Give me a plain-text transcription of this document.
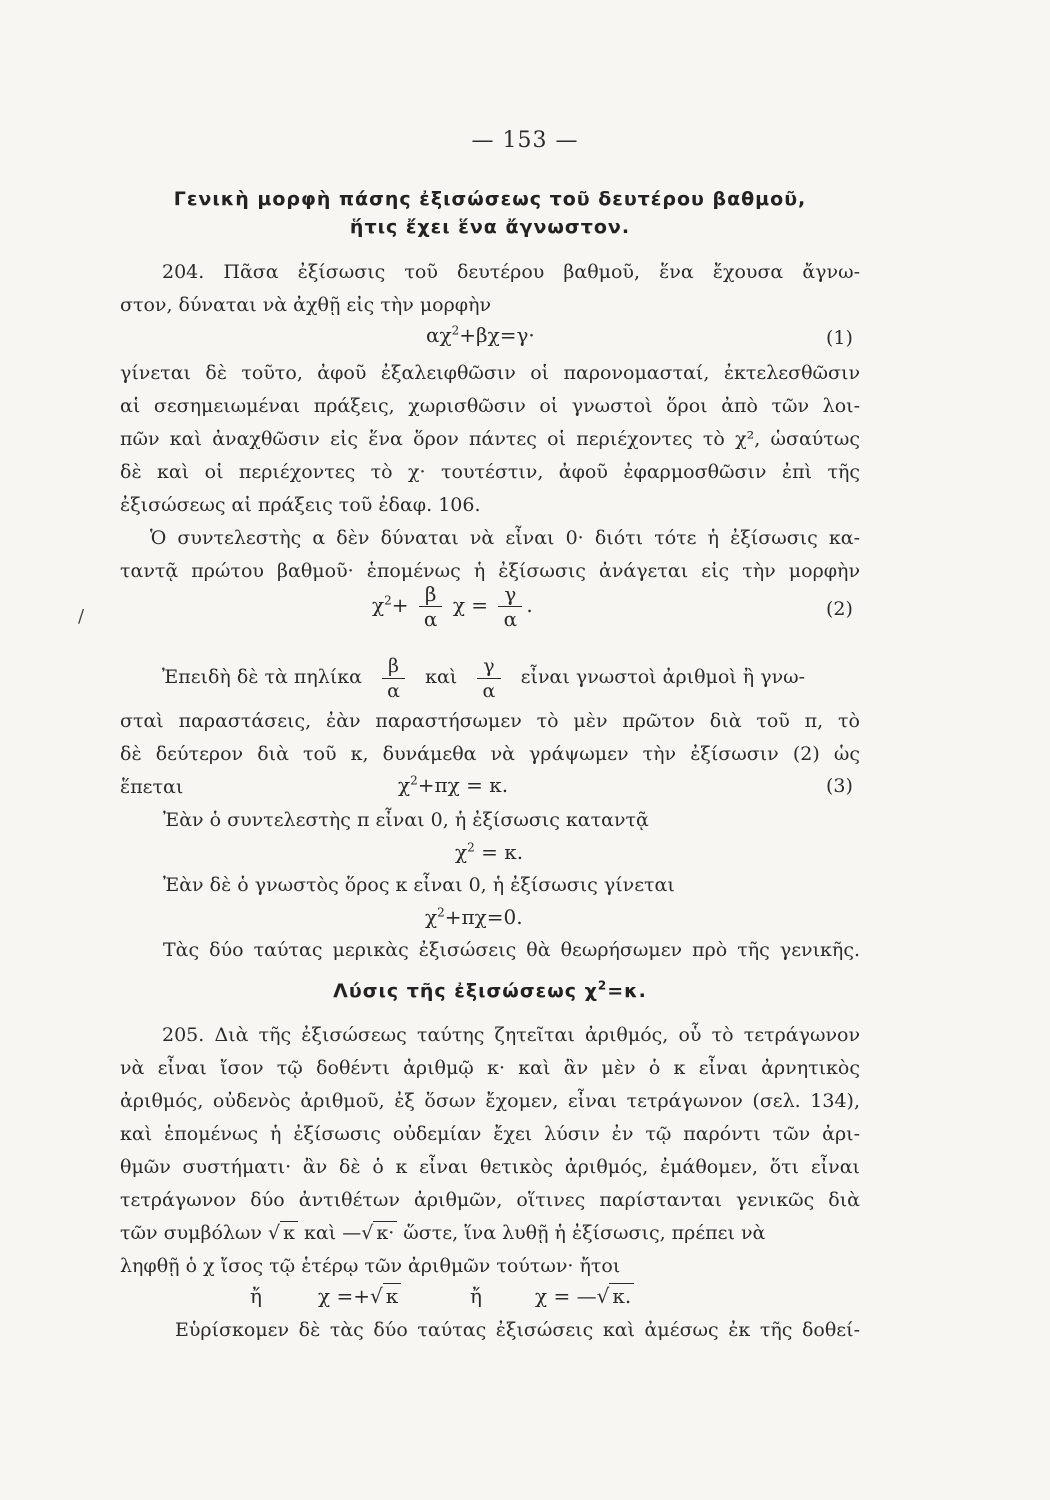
— 153 —
Γενικὴ μορφὴ πάσης ἐξισώσεως τοῦ δευτέρου βαθμοῦ,
ἥτις ἔχει ἕνα ἄγνωστον.
204. Πᾶσα ἐξίσωσις τοῦ δευτέρου βαθμοῦ, ἕνα ἔχουσα ἄγνω-
στον, δύναται νὰ ἀχθῇ εἰς τὴν μορφὴν
$\alpha\chi^2+\beta\chi=\gamma\cdot$	(1)
γίνεται δὲ τοῦτο, ἀφοῦ ἐξαλειφθῶσιν οἱ παρονομασταί, ἐκτελεσθῶσιν
αἱ σεσημειωμέναι πράξεις, χωρισθῶσιν οἱ γνωστοὶ ὅροι ἀπὸ τῶν λοι-
πῶν καὶ ἀναχθῶσιν εἰς ἕνα ὅρον πάντες οἱ περιέχοντες τὸ χ², ὡσαύτως
δὲ καὶ οἱ περιέχοντες τὸ χ· τουτέστιν, ἀφοῦ ἐφαρμοσθῶσιν ἐπὶ τῆς
ἐξισώσεως αἱ πράξεις τοῦ ἐδαφ. 106.
Ὁ συντελεστὴς α δὲν δύναται νὰ εἶναι 0· διότι τότε ἡ ἐξίσωσις κα-
ταντᾷ πρώτου βαθμοῦ· ἑπομένως ἡ ἐξίσωσις ἀνάγεται εἰς τὴν μορφὴν
/	$\chi^2+ \frac{\beta}{\alpha}$ $\chi = \frac{\gamma}{\alpha}$ .	(2)
Ἐπειδὴ δὲ τὰ πηλίκα $\frac{\beta}{\alpha}$ καὶ $\frac{\gamma}{\alpha}$ εἶναι γνωστοὶ ἀριθμοὶ ἢ γνω-
σταὶ παραστάσεις, ἐὰν παραστήσωμεν τὸ μὲν πρῶτον διὰ τοῦ π, τὸ
δὲ δεύτερον διὰ τοῦ κ, δυνάμεθα νὰ γράψωμεν τὴν ἐξίσωσιν (2) ὡς
ἕπεται	$\chi^2+\pi\chi = \kappa$.	(3)
Ἐὰν ὁ συντελεστὴς π εἶναι 0, ἡ ἐξίσωσις καταντᾷ
$\chi^2 = \kappa$.
Ἐὰν δὲ ὁ γνωστὸς ὅρος κ εἶναι 0, ἡ ἐξίσωσις γίνεται
$\chi^2+\pi\chi=0$.
Τὰς δύο ταύτας μερικὰς ἐξισώσεις θὰ θεωρήσωμεν πρὸ τῆς γενικῆς.
Λύσις τῆς ἐξισώσεως $\chi^2=\kappa$.
205. Διὰ τῆς ἐξισώσεως ταύτης ζητεῖται ἀριθμός, οὗ τὸ τετράγωνον
νὰ εἶναι ἴσον τῷ δοθέντι ἀριθμῷ κ· καὶ ἂν μὲν ὁ κ εἶναι ἀρνητικὸς
ἀριθμός, οὐδενὸς ἀριθμοῦ, ἐξ ὅσων ἔχομεν, εἶναι τετράγωνον (σελ. 134),
καὶ ἑπομένως ἡ ἐξίσωσις οὐδεμίαν ἔχει λύσιν ἐν τῷ παρόντι τῶν ἀρι-
θμῶν συστήματι· ἂν δὲ ὁ κ εἶναι θετικὸς ἀριθμός, ἐμάθομεν, ὅτι εἶναι
τετράγωνον δύο ἀντιθέτων ἀριθμῶν, οἵτινες παρίστανται γενικῶς διὰ
τῶν συμβόλων √ κ καὶ —√ κ· ὥστε, ἵνα λυθῇ ἡ ἐξίσωσις, πρέπει νὰ
ληφθῇ ὁ χ ἴσος τῷ ἑτέρῳ τῶν ἀριθμῶν τούτων· ἤτοι
ἤ	χ =+√ κ	ἤ	χ = —√ κ.
Εὑρίσκομεν δὲ τὰς δύο ταύτας ἐξισώσεις καὶ ἀμέσως ἐκ τῆς δοθεί-
